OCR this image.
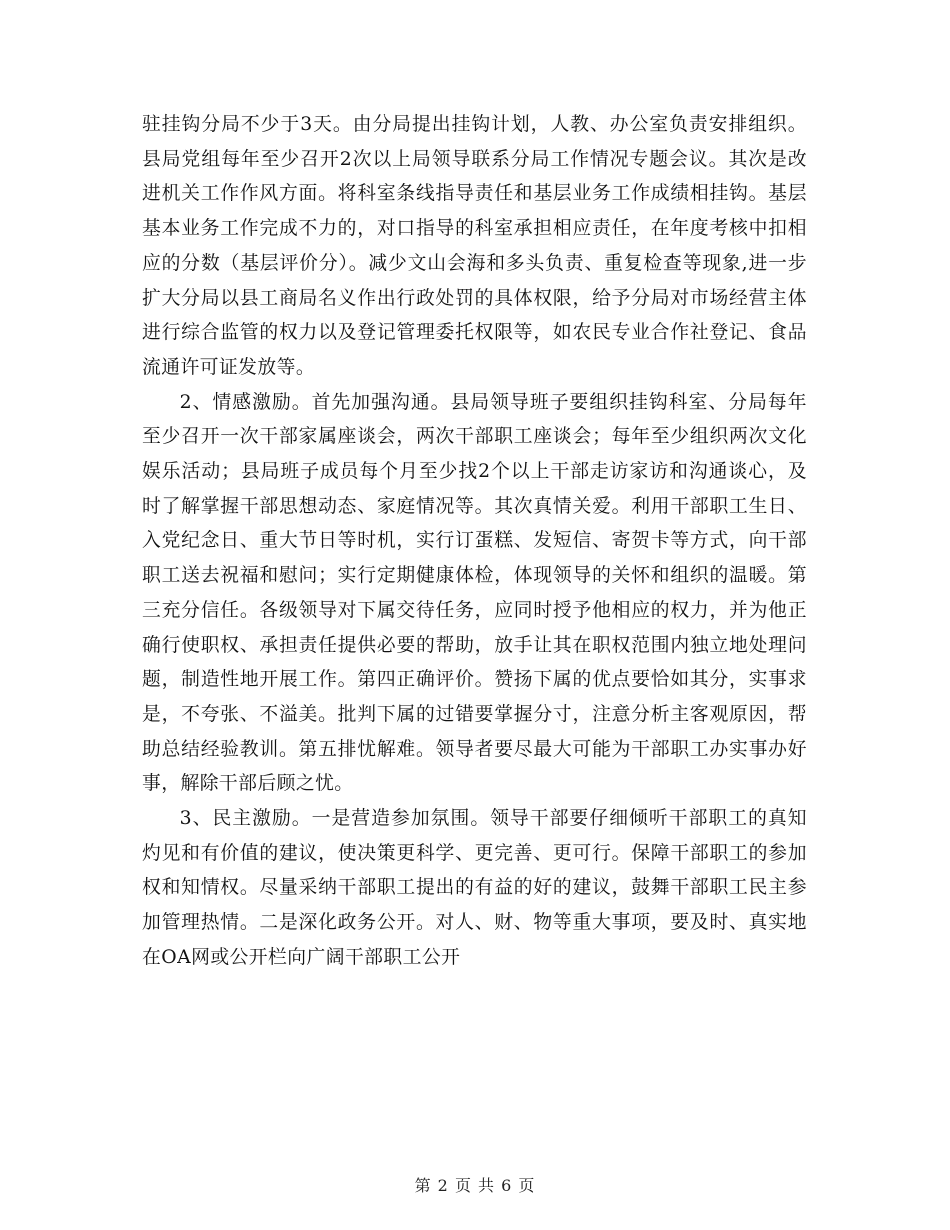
驻挂钩分局不少于3天。由分局提出挂钩计划，人教、办公室负责安排组织。县局党组每年至少召开2次以上局领导联系分局工作情况专题会议。其次是改进机关工作作风方面。将科室条线指导责任和基层业务工作成绩相挂钩。基层基本业务工作完成不力的，对口指导的科室承担相应责任，在年度考核中扣相应的分数（基层评价分）。减少文山会海和多头负责、重复检查等现象,进一步扩大分局以县工商局名义作出行政处罚的具体权限，给予分局对市场经营主体进行综合监管的权力以及登记管理委托权限等，如农民专业合作社登记、食品流通许可证发放等。

2、情感激励。首先加强沟通。县局领导班子要组织挂钩科室、分局每年至少召开一次干部家属座谈会，两次干部职工座谈会；每年至少组织两次文化娱乐活动；县局班子成员每个月至少找2个以上干部走访家访和沟通谈心，及时了解掌握干部思想动态、家庭情况等。其次真情关爱。利用干部职工生日、入党纪念日、重大节日等时机，实行订蛋糕、发短信、寄贺卡等方式，向干部职工送去祝福和慰问；实行定期健康体检，体现领导的关怀和组织的温暖。第三充分信任。各级领导对下属交待任务，应同时授予他相应的权力，并为他正确行使职权、承担责任提供必要的帮助，放手让其在职权范围内独立地处理问题，制造性地开展工作。第四正确评价。赞扬下属的优点要恰如其分，实事求是，不夸张、不溢美。批判下属的过错要掌握分寸，注意分析主客观原因，帮助总结经验教训。第五排忧解难。领导者要尽最大可能为干部职工办实事办好事，解除干部后顾之忧。

3、民主激励。一是营造参加氛围。领导干部要仔细倾听干部职工的真知灼见和有价值的建议，使决策更科学、更完善、更可行。保障干部职工的参加权和知情权。尽量采纳干部职工提出的有益的好的建议，鼓舞干部职工民主参加管理热情。二是深化政务公开。对人、财、物等重大事项，要及时、真实地在OA网或公开栏向广阔干部职工公开

第 2 页 共 6 页
